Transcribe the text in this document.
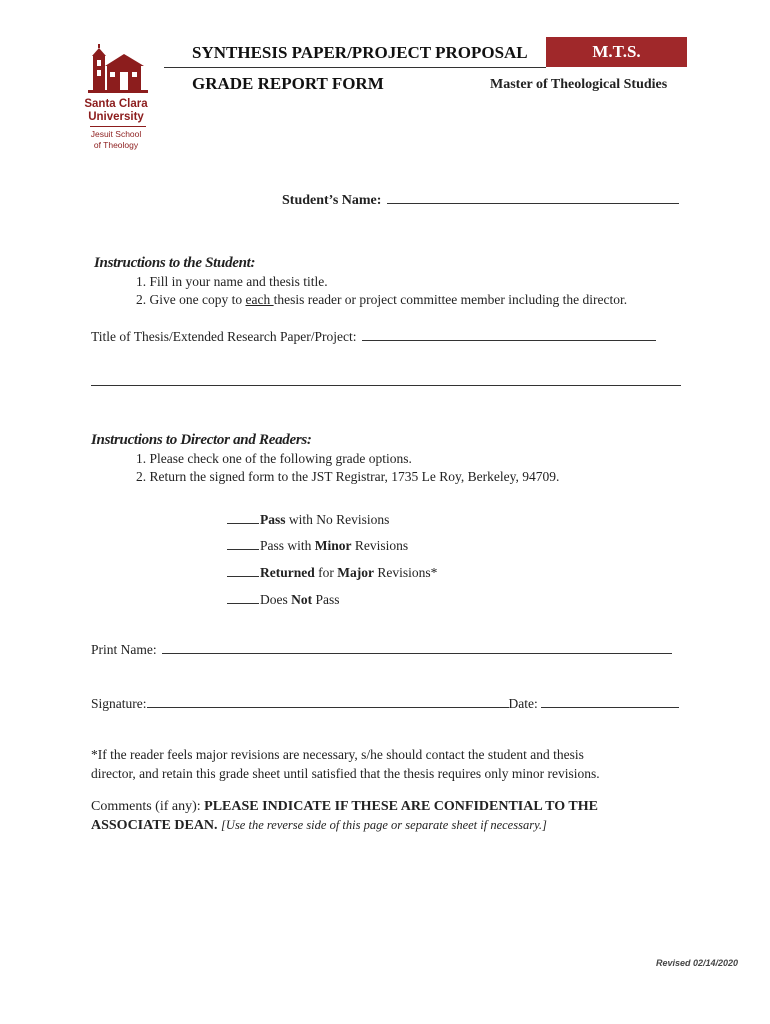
Santa Clara
University
Jesuit School
of Theology
SYNTHESIS PAPER/PROJECT PROPOSAL	M.T.S.
GRADE REPORT FORM	Master of Theological Studies
Student’s Name:
Instructions to the Student:
1. Fill in your name and thesis title.
2. Give one copy to each thesis reader or project committee member including the director.
Title of Thesis/Extended Research Paper/Project:
Instructions to Director and Readers:
1. Please check one of the following grade options.
2. Return the signed form to the JST Registrar, 1735 Le Roy, Berkeley, 94709.
Pass with No Revisions
Pass with Minor Revisions
Returned for Major Revisions*
Does Not Pass
Print Name:
Signature:	Date:
*If the reader feels major revisions are necessary, s/he should contact the student and thesis
director, and retain this grade sheet until satisfied that the thesis requires only minor revisions.
Comments (if any): PLEASE INDICATE IF THESE ARE CONFIDENTIAL TO THE
ASSOCIATE DEAN. [Use the reverse side of this page or separate sheet if necessary.]
Revised 02/14/2020
